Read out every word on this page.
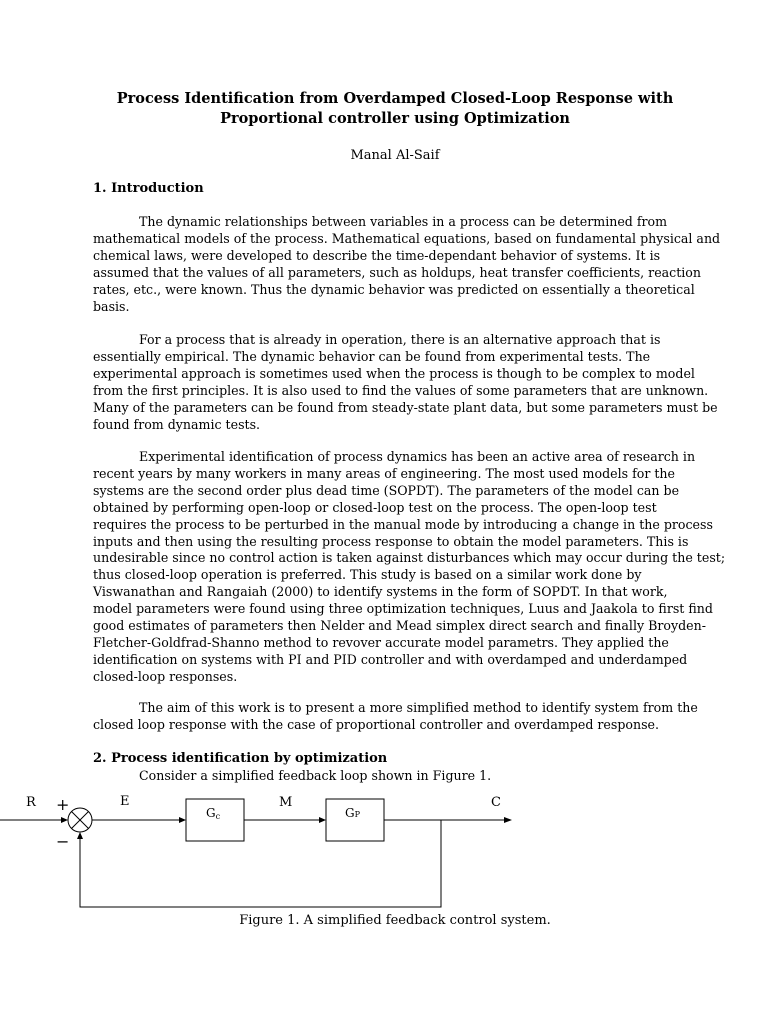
Process Identification from Overdamped Closed-Loop Response with
Proportional controller using Optimization
Manal Al-Saif
1. Introduction
The dynamic relationships between variables in a process can be determined from
mathematical models of the process. Mathematical equations, based on fundamental physical and
chemical laws, were developed to describe the time-dependant behavior of systems. It is
assumed that the values of all parameters, such as holdups, heat transfer coefficients, reaction
rates, etc., were known. Thus the dynamic behavior was predicted on essentially a theoretical
basis.
For a process that is already in operation, there is an alternative approach that is
essentially empirical. The dynamic behavior can be found from experimental tests. The
experimental approach is sometimes used when the process is though to be complex to model
from the first principles. It is also used to find the values of some parameters that are unknown.
Many of the parameters can be found from steady-state plant data, but some parameters must be
found from dynamic tests.
Experimental identification of process dynamics has been an active area of research in
recent years by many workers in many areas of engineering. The most used models for the
systems are the second order plus dead time (SOPDT). The parameters of the model can be
obtained by performing open-loop or closed-loop test on the process. The open-loop test
requires the process to be perturbed in the manual mode by introducing a change in the process
inputs and then using the resulting process response to obtain the model parameters. This is
undesirable since no control action is taken against disturbances which may occur during the test;
thus closed-loop operation is preferred. This study is based on a similar work done by
Viswanathan and Rangaiah (2000) to identify systems in the form of SOPDT. In that work,
model parameters were found using three optimization techniques, Luus and Jaakola to first find
good estimates of parameters then Nelder and Mead simplex direct search and finally Broyden-
Fletcher-Goldfrad-Shanno method to revover accurate model parametrs. They applied the
identification on systems with PI and PID controller and with overdamped and underdamped
closed-loop responses.
The aim of this work is to present a more simplified method to identify system from the
closed loop response with the case of proportional controller and overdamped response.
2. Process identification by optimization
Consider a simplified feedback loop shown in Figure 1.
R +
−
E	M	C
Gc	GP
Figure 1. A simplified feedback control system.
